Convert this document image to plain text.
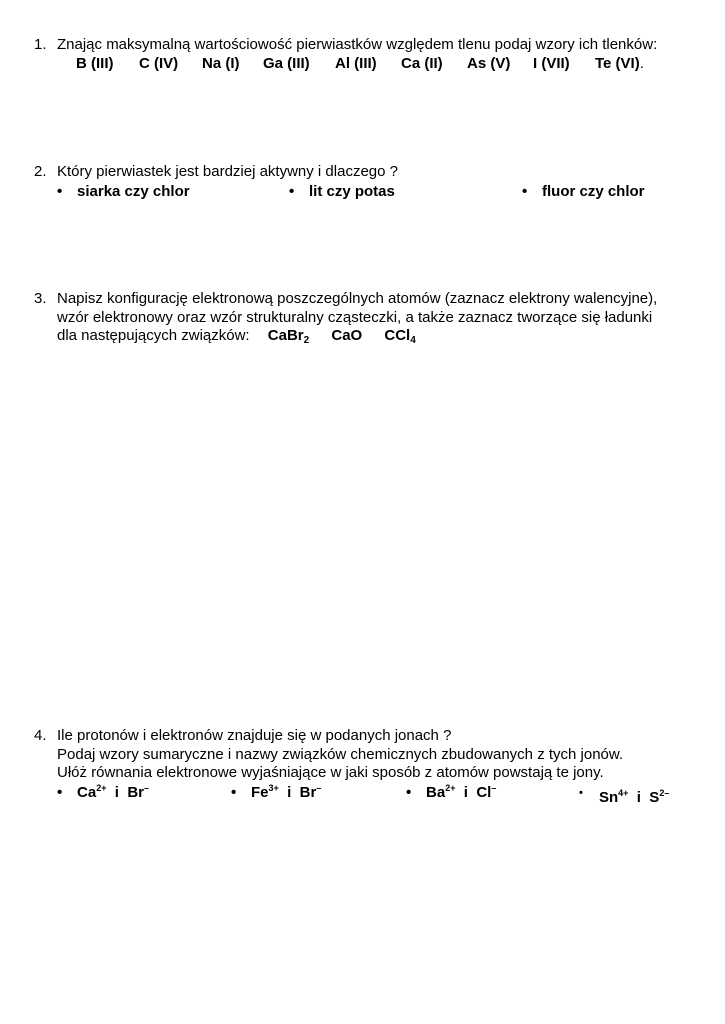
1. Znając maksymalną wartościowość pierwiastków względem tlenu podaj wzory ich tlenków:
B (III) C (IV) Na (I) Ga (III) Al (III) Ca (II) As (V) I (VII) Te (VI).
2. Który pierwiastek jest bardziej aktywny i dlaczego ?
• siarka czy chlor	• lit czy potas	• fluor czy chlor
3. Napisz konfigurację elektronową poszczególnych atomów (zaznacz elektrony walencyjne),
wzór elektronowy oraz wzór strukturalny cząsteczki, a także zaznacz tworzące się ładunki
dla następujących związków: CaBr$_2$ CaO CCl$_4$
4. Ile protonów i elektronów znajduje się w podanych jonach ?
Podaj wzory sumaryczne i nazwy związków chemicznych zbudowanych z tych jonów.
Ułóż równania elektronowe wyjaśniające w jaki sposób z atomów powstają te jony.
• $Ca^{2+}$ i Br–	• $Fe^{3+}$ i Br–	• $Ba^{2+}$ i Cl–	• $Sn^{4+}$ i $S^{2-}$
